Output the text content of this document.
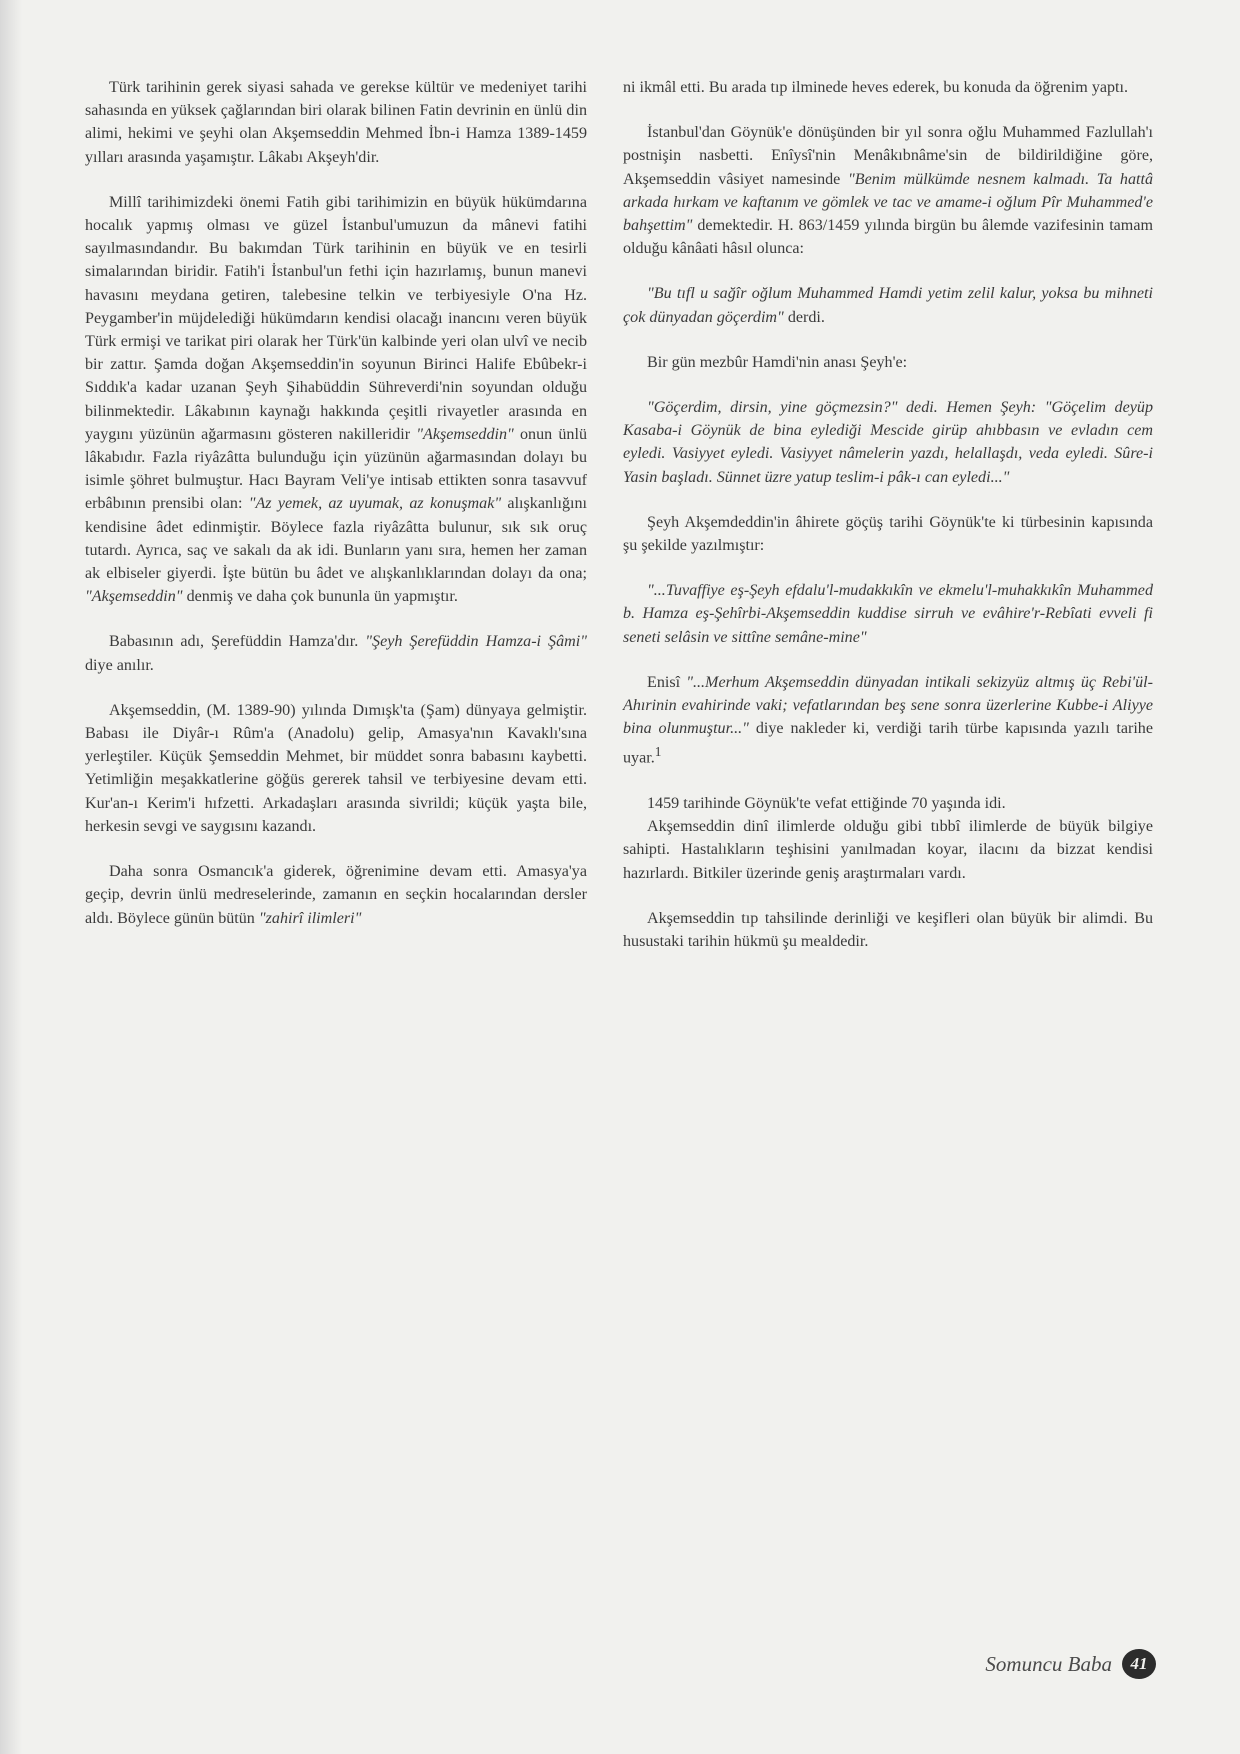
Türk tarihinin gerek siyasi sahada ve gerekse kültür ve medeniyet tarihi sahasında en yüksek çağlarından biri olarak bilinen Fatin devrinin en ünlü din alimi, hekimi ve şeyhi olan Akşemseddin Mehmed İbn-i Hamza 1389-1459 yılları arasında yaşamıştır. Lâkabı Akşeyh'dir.

Millî tarihimizdeki önemi Fatih gibi tarihimizin en büyük hükümdarına hocalık yapmış olması ve güzel İstanbul'umuzun da mânevi fatihi sayılmasındandır. Bu bakımdan Türk tarihinin en büyük ve en tesirli simalarından biridir. Fatih'i İstanbul'un fethi için hazırlamış, bunun manevi havasını meydana getiren, talebesine telkin ve terbiyesiyle O'na Hz. Peygamber'in müjdelediği hükümdarın kendisi olacağı inancını veren büyük Türk ermişi ve tarikat piri olarak her Türk'ün kalbinde yeri olan ulvî ve necib bir zattır. Şamda doğan Akşemseddin'in soyunun Birinci Halife Ebûbekr-i Sıddık'a kadar uzanan Şeyh Şihabüddin Sühreverdi'nin soyundan olduğu bilinmektedir. Lâkabının kaynağı hakkında çeşitli rivayetler arasında en yaygını yüzünün ağarmasını gösteren nakilleridir "Akşemseddin" onun ünlü lâkabıdır. Fazla riyâzâtta bulunduğu için yüzünün ağarmasından dolayı bu isimle şöhret bulmuştur. Hacı Bayram Veli'ye intisab ettikten sonra tasavvuf erbâbının prensibi olan: "Az yemek, az uyumak, az konuşmak" alışkanlığını kendisine âdet edinmiştir. Böylece fazla riyâzâtta bulunur, sık sık oruç tutardı. Ayrıca, saç ve sakalı da ak idi. Bunların yanı sıra, hemen her zaman ak elbiseler giyerdi. İşte bütün bu âdet ve alışkanlıklarından dolayı da ona; "Akşemseddin" denmiş ve daha çok bununla ün yapmıştır.

Babasının adı, Şerefüddin Hamza'dır. "Şeyh Şerefüddin Hamza-i Şâmi" diye anılır.

Akşemseddin, (M. 1389-90) yılında Dımışk'ta (Şam) dünyaya gelmiştir. Babası ile Diyâr-ı Rûm'a (Anadolu) gelip, Amasya'nın Kavaklı'sına yerleştiler. Küçük Şemseddin Mehmet, bir müddet sonra babasını kaybetti. Yetimliğin meşakkatlerine göğüs gererek tahsil ve terbiyesine devam etti. Kur'an-ı Kerim'i hıfzetti. Arkadaşları arasında sivrildi; küçük yaşta bile, herkesin sevgi ve saygısını kazandı.

Daha sonra Osmancık'a giderek, öğrenimine devam etti. Amasya'ya geçip, devrin ünlü medreselerinde, zamanın en seçkin hocalarından dersler aldı. Böylece günün bütün "zahirî ilimleri"

ni ikmâl etti. Bu arada tıp ilminede heves ederek, bu konuda da öğrenim yaptı.

İstanbul'dan Göynük'e dönüşünden bir yıl sonra oğlu Muhammed Fazlullah'ı postnişin nasbetti. Enîysî'nin Menâkıbnâme'sin de bildirildiğine göre, Akşemseddin vâsiyet namesinde "Benim mülkümde nesnem kalmadı. Ta hattâ arkada hırkam ve kaftanım ve gömlek ve tac ve amame-i oğlum Pîr Muhammed'e bahşettim" demektedir. H. 863/1459 yılında birgün bu âlemde vazifesinin tamam olduğu kânâati hâsıl olunca:

"Bu tıfl u sağîr oğlum Muhammed Hamdi yetim zelil kalur, yoksa bu mihneti çok dünyadan göçerdim" derdi.

Bir gün mezbûr Hamdi'nin anası Şeyh'e:

"Göçerdim, dirsin, yine göçmezsin?" dedi. Hemen Şeyh: "Göçelim deyüp Kasaba-i Göynük de bina eylediği Mescide girüp ahıbbasın ve evladın cem eyledi. Vasiyyet eyledi. Vasiyyet nâmelerin yazdı, helallaşdı, veda eyledi. Sûre-i Yasin başladı. Sünnet üzre yatup teslim-i pâk-ı can eyledi..."

Şeyh Akşemdeddin'in âhirete göçüş tarihi Göynük'te ki türbesinin kapısında şu şekilde yazılmıştır:

"...Tuvaffiye eş-Şeyh efdalu'l-mudakkıkîn ve ekmelu'l-muhakkıkîn Muhammed b. Hamza eş-Şehîrbi-Akşemseddin kuddise sirruh ve evâhire'r-Rebîati evveli fi seneti selâsin ve sittîne semâne-mine"

Enisî "...Merhum Akşemseddin dünyadan intikali sekizyüz altmış üç Rebi'ül-Ahırinin evahirinde vaki; vefatlarından beş sene sonra üzerlerine Kubbe-i Aliyye bina olunmuştur..." diye nakleder ki, verdiği tarih türbe kapısında yazılı tarihe uyar.$^1$

1459 tarihinde Göynük'te vefat ettiğinde 70 yaşında idi.

Akşemseddin dinî ilimlerde olduğu gibi tıbbî ilimlerde de büyük bilgiye sahipti. Hastalıkların teşhisini yanılmadan koyar, ilacını da bizzat kendisi hazırlardı. Bitkiler üzerinde geniş araştırmaları vardı.

Akşemseddin tıp tahsilinde derinliği ve keşifleri olan büyük bir alimdi. Bu husustaki tarihin hükmü şu mealdedir.

Somuncu Baba	41
